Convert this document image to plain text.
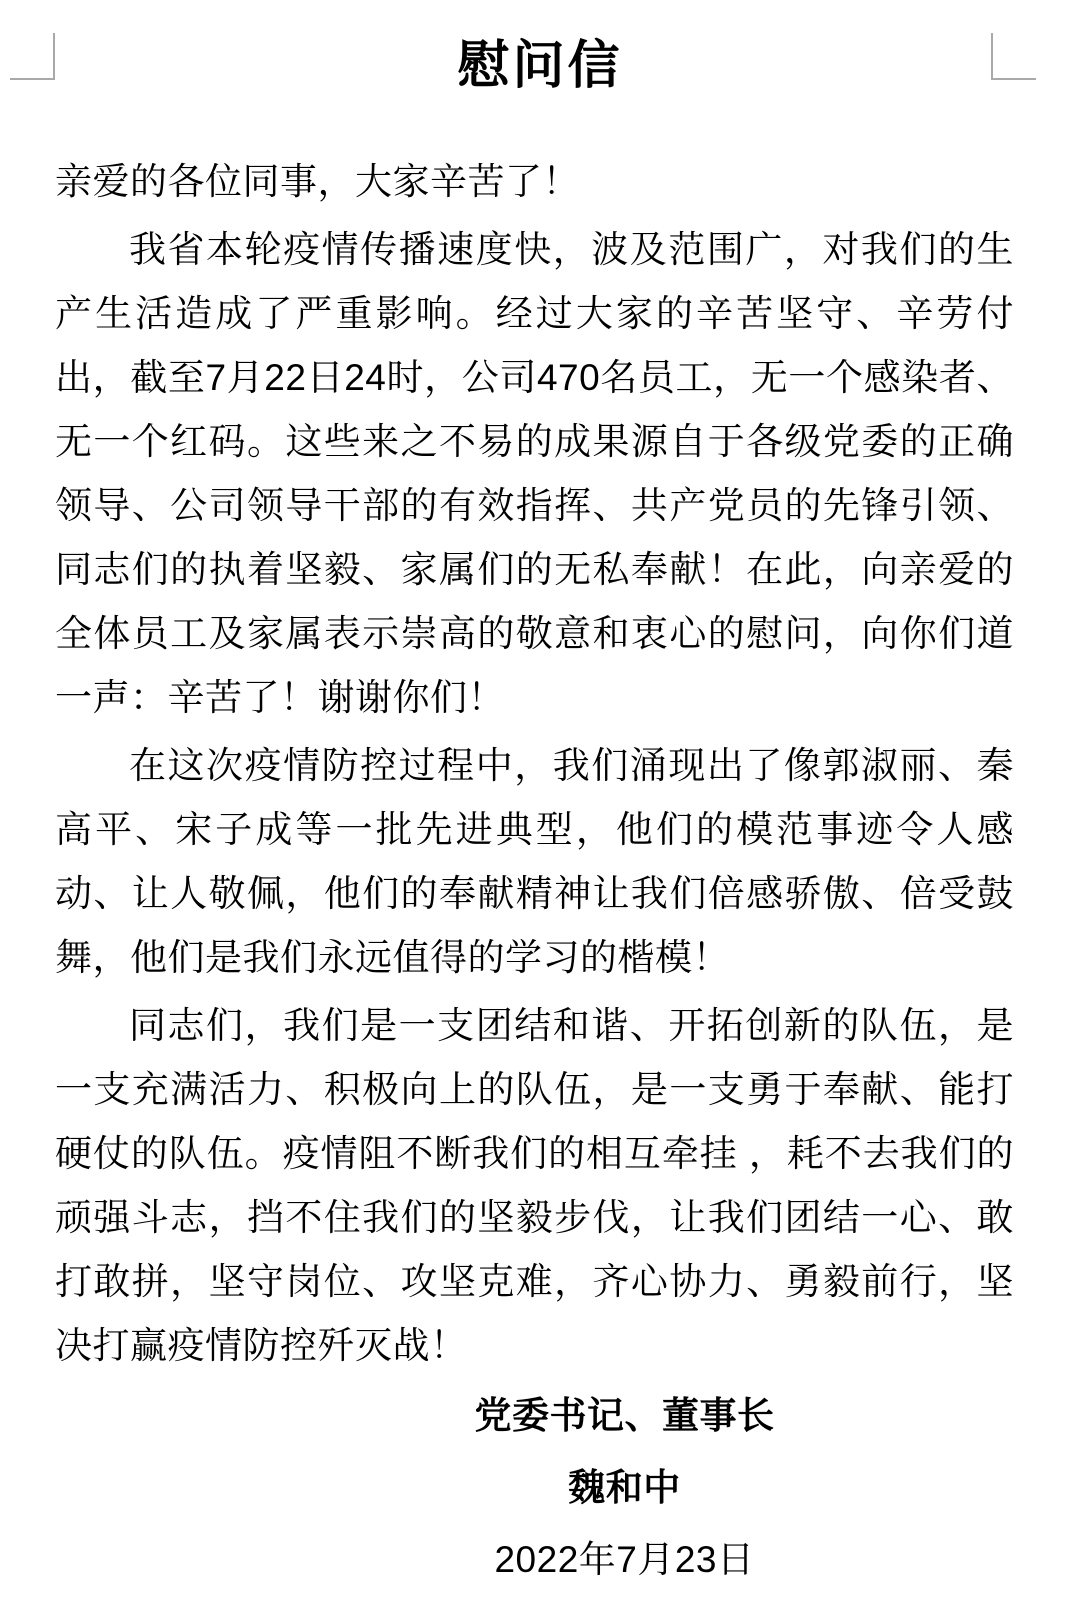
慰问信

亲爱的各位同事，大家辛苦了！

我省本轮疫情传播速度快，波及范围广，对我们的生产生活造成了严重影响。经过大家的辛苦坚守、辛劳付出，截至7月22日24时，公司470名员工，无一个感染者、无一个红码。这些来之不易的成果源自于各级党委的正确领导、公司领导干部的有效指挥、共产党员的先锋引领、同志们的执着坚毅、家属们的无私奉献！在此，向亲爱的全体员工及家属表示崇高的敬意和衷心的慰问，向你们道一声：辛苦了！谢谢你们！

在这次疫情防控过程中，我们涌现出了像郭淑丽、秦高平、宋子成等一批先进典型，他们的模范事迹令人感动、让人敬佩，他们的奉献精神让我们倍感骄傲、倍受鼓舞，他们是我们永远值得的学习的楷模！

同志们，我们是一支团结和谐、开拓创新的队伍，是一支充满活力、积极向上的队伍，是一支勇于奉献、能打硬仗的队伍。疫情阻不断我们的相互牵挂 ，耗不去我们的顽强斗志，挡不住我们的坚毅步伐，让我们团结一心、敢打敢拼，坚守岗位、攻坚克难，齐心协力、勇毅前行，坚决打赢疫情防控歼灭战！

党委书记、董事长

魏和中

2022年7月23日
